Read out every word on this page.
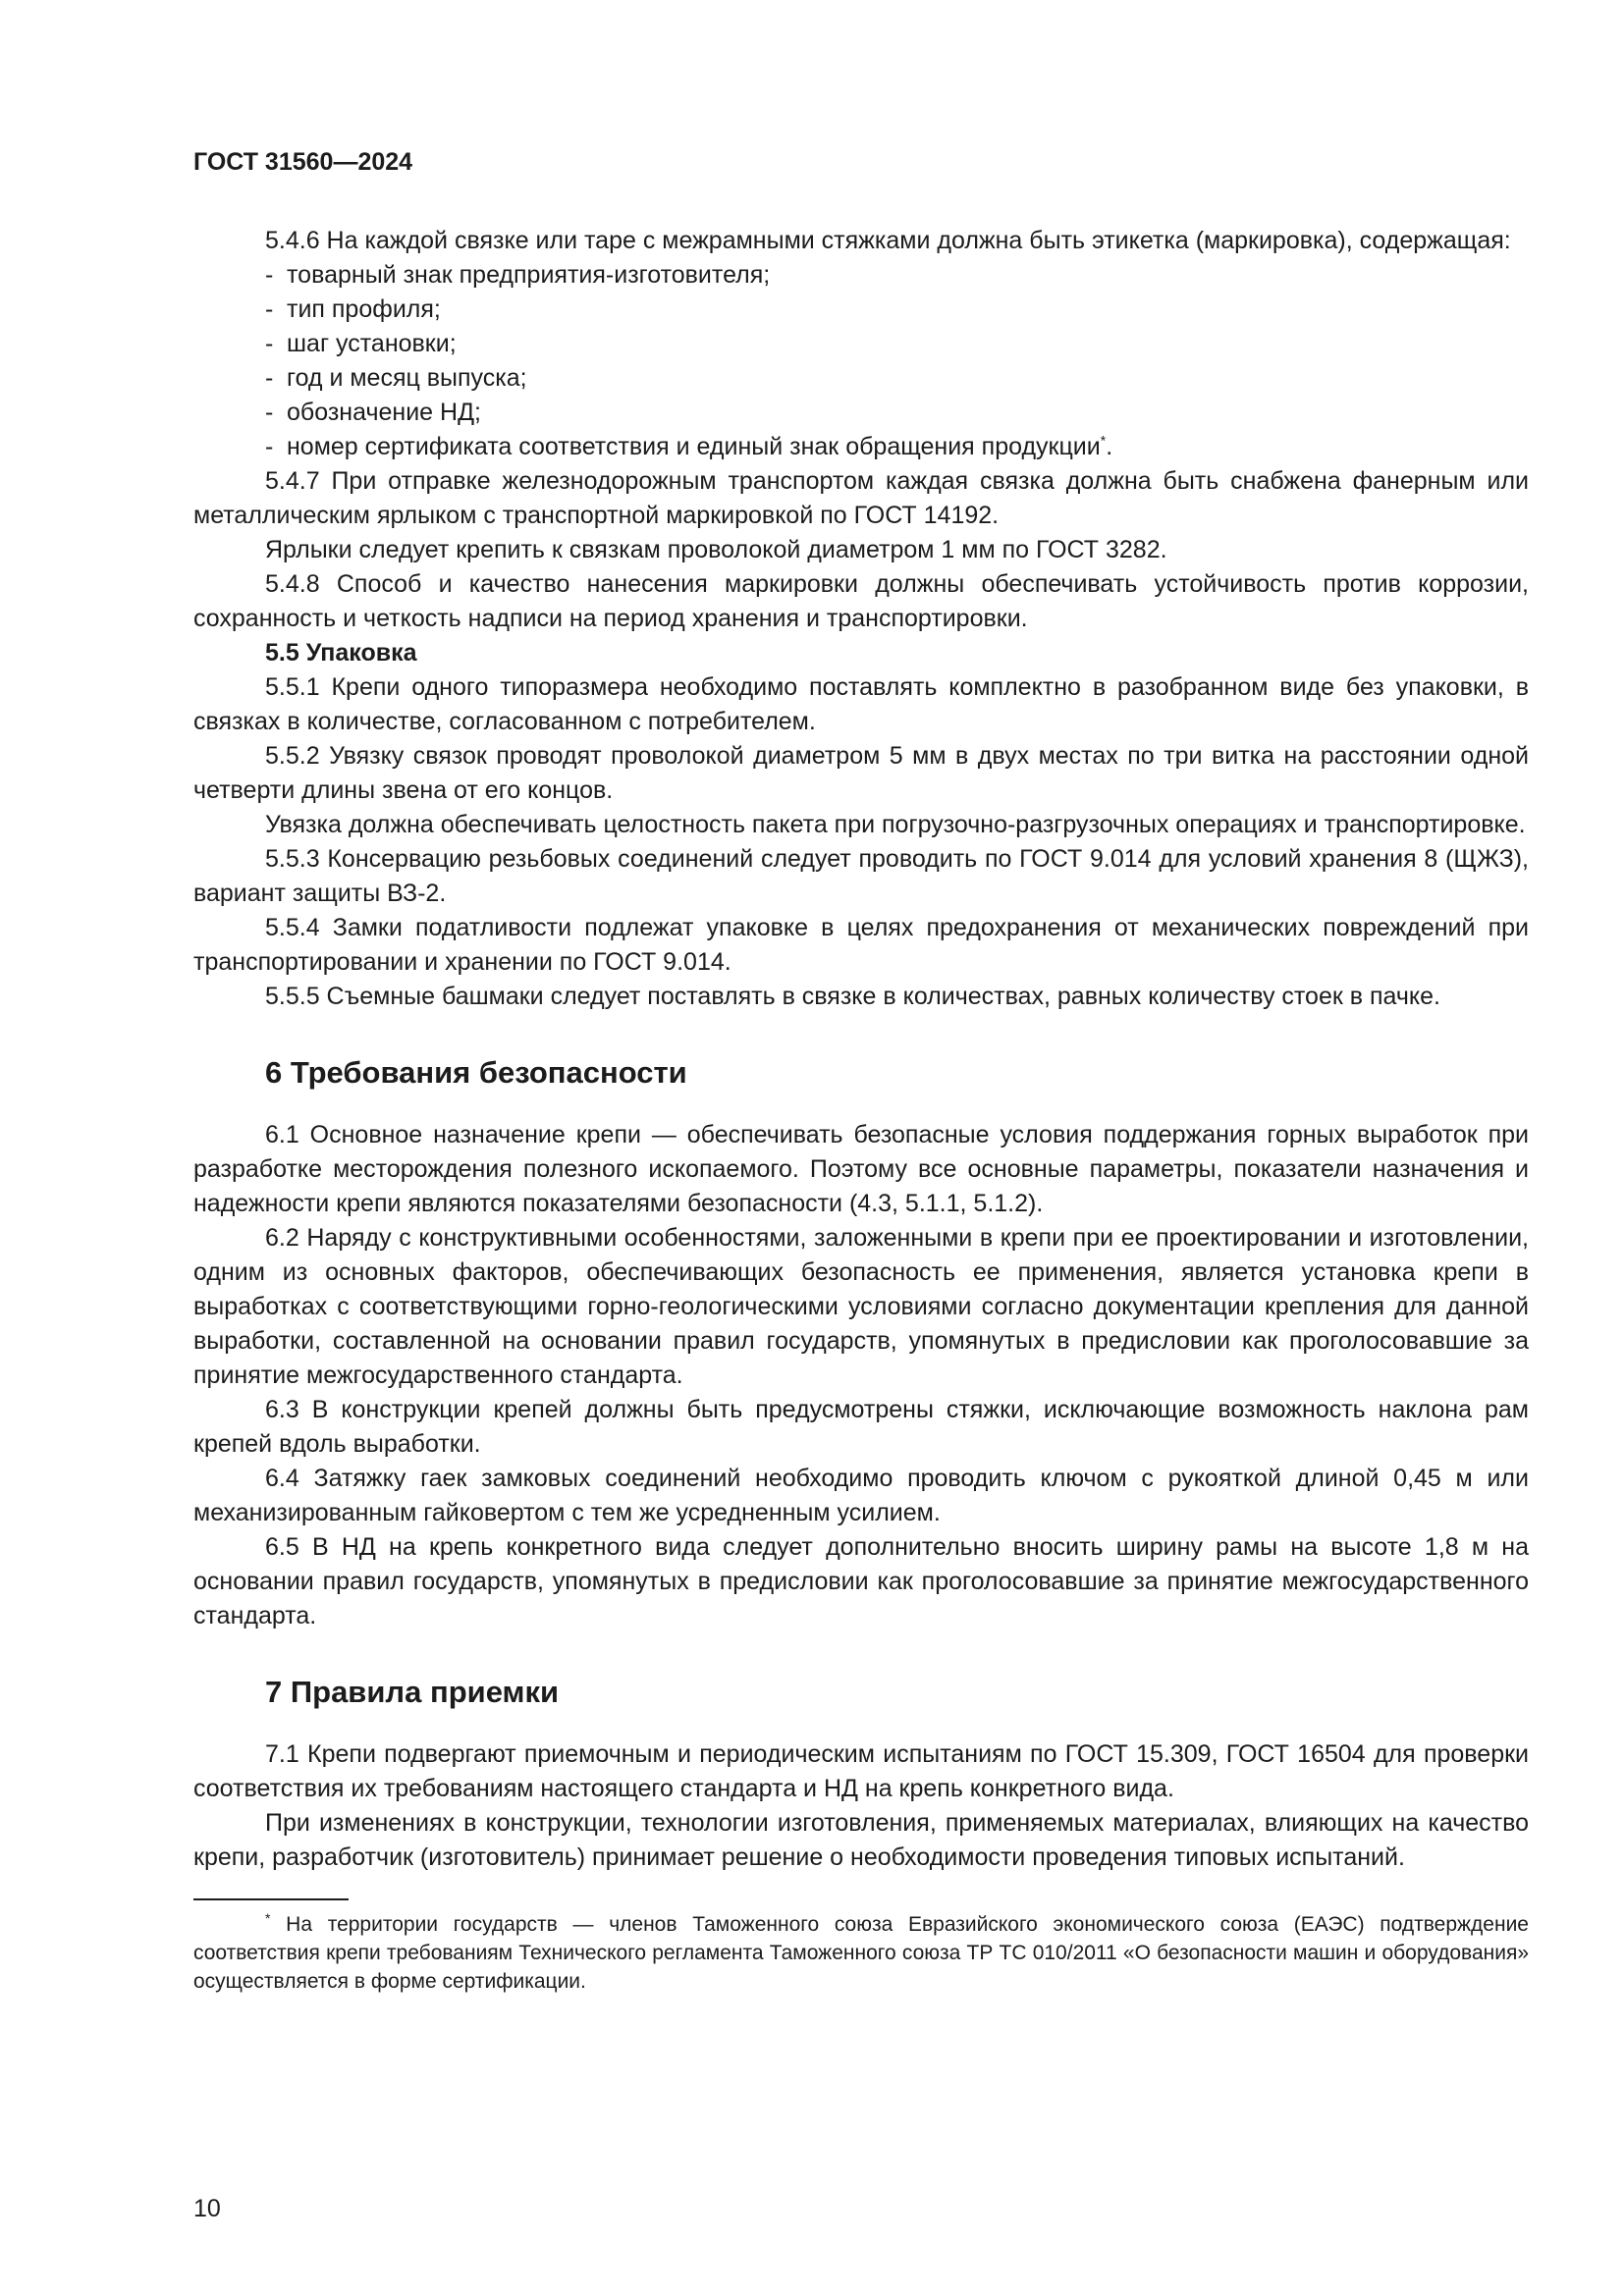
ГОСТ 31560—2024

5.4.6 На каждой связке или таре с межрамными стяжками должна быть этикетка (маркировка), содержащая:

- товарный знак предприятия-изготовителя;
- тип профиля;
- шаг установки;
- год и месяц выпуска;
- обозначение НД;
- номер сертификата соответствия и единый знак обращения продукции*.

5.4.7 При отправке железнодорожным транспортом каждая связка должна быть снабжена фанерным или металлическим ярлыком с транспортной маркировкой по ГОСТ 14192.

Ярлыки следует крепить к связкам проволокой диаметром 1 мм по ГОСТ 3282.

5.4.8 Способ и качество нанесения маркировки должны обеспечивать устойчивость против коррозии, сохранность и четкость надписи на период хранения и транспортировки.

5.5 Упаковка

5.5.1 Крепи одного типоразмера необходимо поставлять комплектно в разобранном виде без упаковки, в связках в количестве, согласованном с потребителем.

5.5.2 Увязку связок проводят проволокой диаметром 5 мм в двух местах по три витка на расстоянии одной четверти длины звена от его концов.

Увязка должна обеспечивать целостность пакета при погрузочно-разгрузочных операциях и транспортировке.

5.5.3 Консервацию резьбовых соединений следует проводить по ГОСТ 9.014 для условий хранения 8 (ЩЖЗ), вариант защиты ВЗ-2.

5.5.4 Замки податливости подлежат упаковке в целях предохранения от механических повреждений при транспортировании и хранении по ГОСТ 9.014.

5.5.5 Съемные башмаки следует поставлять в связке в количествах, равных количеству стоек в пачке.

6 Требования безопасности

6.1 Основное назначение крепи — обеспечивать безопасные условия поддержания горных выработок при разработке месторождения полезного ископаемого. Поэтому все основные параметры, показатели назначения и надежности крепи являются показателями безопасности (4.3, 5.1.1, 5.1.2).

6.2 Наряду с конструктивными особенностями, заложенными в крепи при ее проектировании и изготовлении, одним из основных факторов, обеспечивающих безопасность ее применения, является установка крепи в выработках с соответствующими горно-геологическими условиями согласно документации крепления для данной выработки, составленной на основании правил государств, упомянутых в предисловии как проголосовавшие за принятие межгосударственного стандарта.

6.3 В конструкции крепей должны быть предусмотрены стяжки, исключающие возможность наклона рам крепей вдоль выработки.

6.4 Затяжку гаек замковых соединений необходимо проводить ключом с рукояткой длиной 0,45 м или механизированным гайковертом с тем же усредненным усилием.

6.5 В НД на крепь конкретного вида следует дополнительно вносить ширину рамы на высоте 1,8 м на основании правил государств, упомянутых в предисловии как проголосовавшие за принятие межгосударственного стандарта.

7 Правила приемки

7.1 Крепи подвергают приемочным и периодическим испытаниям по ГОСТ 15.309, ГОСТ 16504 для проверки соответствия их требованиям настоящего стандарта и НД на крепь конкретного вида.

При изменениях в конструкции, технологии изготовления, применяемых материалах, влияющих на качество крепи, разработчик (изготовитель) принимает решение о необходимости проведения типовых испытаний.

* На территории государств — членов Таможенного союза Евразийского экономического союза (ЕАЭС) подтверждение соответствия крепи требованиям Технического регламента Таможенного союза ТР ТС 010/2011 «О безопасности машин и оборудования» осуществляется в форме сертификации.

10
